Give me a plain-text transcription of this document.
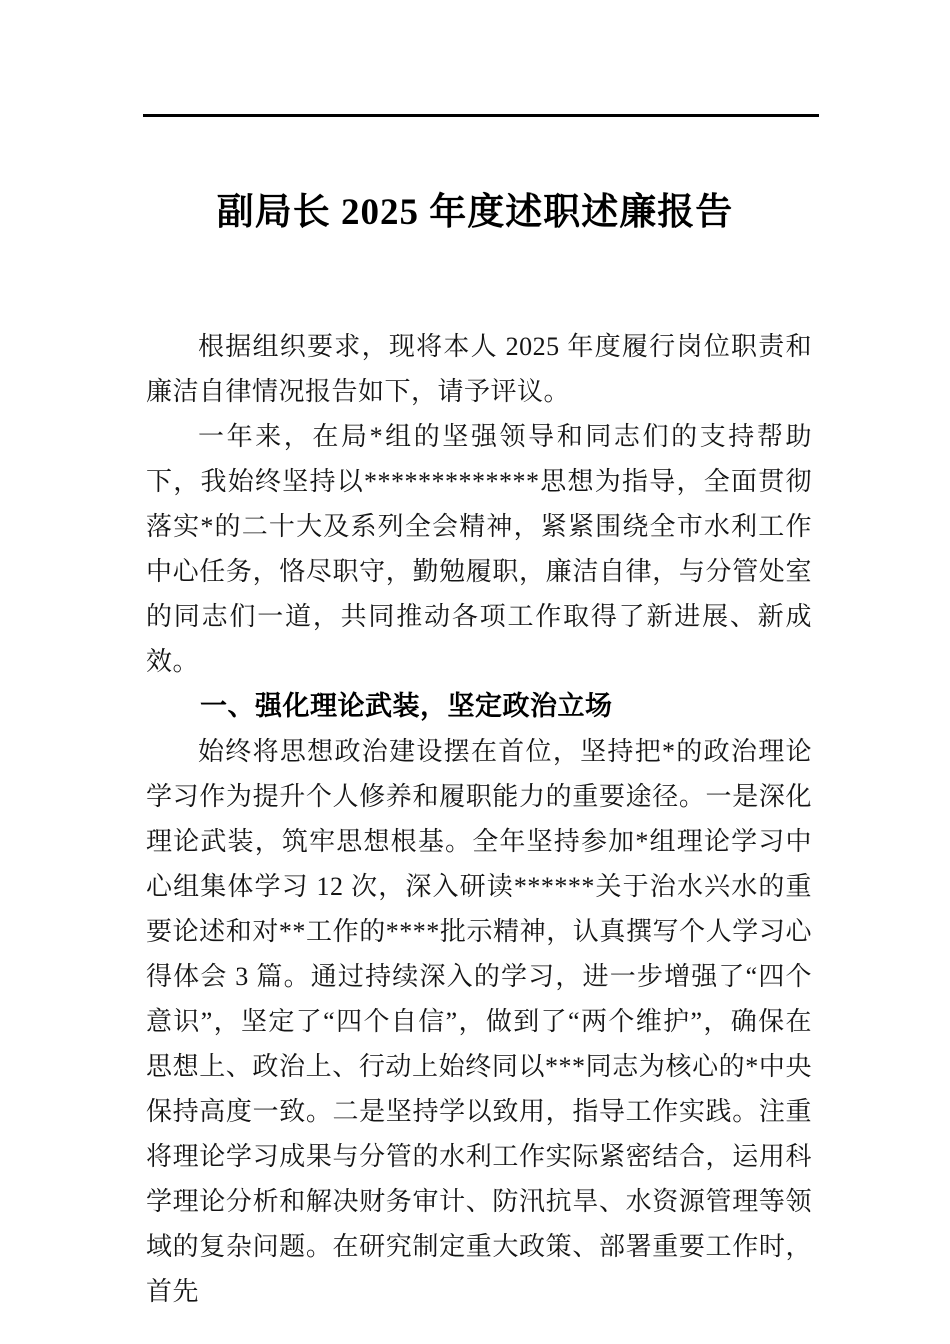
副局长 2025 年度述职述廉报告

根据组织要求，现将本人 2025 年度履行岗位职责和廉洁自律情况报告如下，请予评议。

一年来，在局*组的坚强领导和同志们的支持帮助下，我始终坚持以*************思想为指导，全面贯彻落实*的二十大及系列全会精神，紧紧围绕全市水利工作中心任务，恪尽职守，勤勉履职，廉洁自律，与分管处室的同志们一道，共同推动各项工作取得了新进展、新成效。

一、强化理论武装，坚定政治立场

始终将思想政治建设摆在首位，坚持把*的政治理论学习作为提升个人修养和履职能力的重要途径。一是深化理论武装，筑牢思想根基。全年坚持参加*组理论学习中心组集体学习 12 次，深入研读******关于治水兴水的重要论述和对**工作的****批示精神，认真撰写个人学习心得体会 3 篇。通过持续深入的学习，进一步增强了“四个意识”，坚定了“四个自信”，做到了“两个维护”，确保在思想上、政治上、行动上始终同以***同志为核心的*中央保持高度一致。二是坚持学以致用，指导工作实践。注重将理论学习成果与分管的水利工作实际紧密结合，运用科学理论分析和解决财务审计、防汛抗旱、水资源管理等领域的复杂问题。在研究制定重大政策、部署重要工作时，首先
